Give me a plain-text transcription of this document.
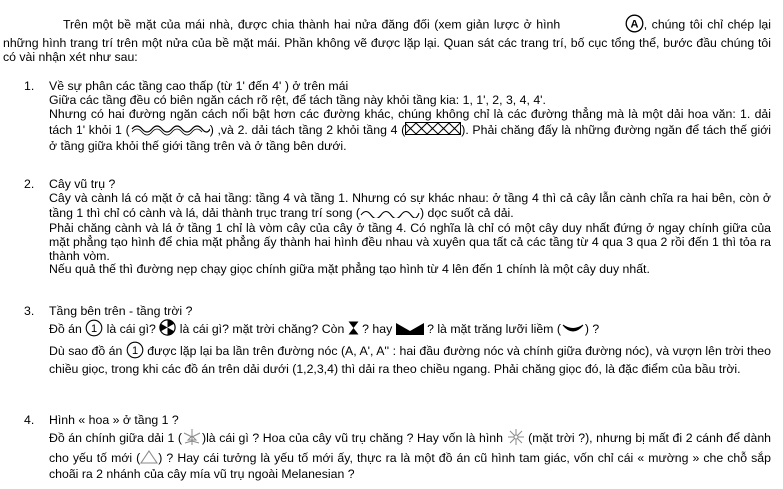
Trên một bề mặt của mái nhà, được chia thành hai nửa đăng đối (xem giản lược ở hình	A , chúng tôi chỉ chép lại những hình trang trí trên một nửa của bề mặt mái. Phần không vẽ được lặp lại. Quan sát các trang trí, bố cục tổng thể, bước đầu chúng tôi có vài nhận xét như sau:

1. Về sự phân các tầng cao thấp (từ 1' đến 4' ) ở trên mái

Giữa các tầng đều có biên ngăn cách rõ rệt, để tách tầng này khỏi tầng kia: 1, 1', 2, 3, 4, 4'.

Nhưng có hai đường ngăn cách nổi bật hơn các đường khác, chúng không chỉ là các đường thẳng mà là một dải hoa văn: 1. dải tách 1' khỏi 1 (	) ,và 2. dải tách tầng 2 khỏi tầng 4 (	). Phải chăng đấy là những đường ngăn để tách thế giới ở tầng giữa khỏi thế giới tầng trên và ở tầng bên dưới.

2. Cây vũ trụ ?

Cây và cành lá có mặt ở cả hai tầng: tầng 4 và tầng 1. Nhưng có sự khác nhau: ở tầng 4 thì cả cây lẫn cành chĩa ra hai bên, còn ở tầng 1 thì chỉ có cành và lá, dải thành trục trang trí song (	) dọc suốt cả dải.

Phải chăng cành và lá ở tầng 1 chỉ là vòm cây của cây ở tầng 4. Có nghĩa là chỉ có một cây duy nhất đứng ở ngay chính giữa của mặt phẳng tạo hình để chia mặt phẳng ấy thành hai hình đều nhau và xuyên qua tất cả các tầng từ 4 qua 3 qua 2 rồi đến 1 thì tỏa ra thành vòm.

Nếu quả thế thì đường nẹp chạy giọc chính giữa mặt phẳng tạo hình từ 4 lên đến 1 chính là một cây duy nhất.

3. Tầng bên trên - tầng trời ?

Đồ án 1 là cái gì?  là cái gì? mặt trời chăng? Còn  ? hay  ? là mặt trăng lưỡi liềm ( ) ?

Dù sao đồ án 1 được lặp lại ba lần trên đường nóc (A, A', A'' : hai đầu đường nóc và chính giữa đường nóc), và vượn lên trời theo chiều giọc, trong khi các đồ án trên dải dưới (1,2,3,4) thì dải ra theo chiều ngang. Phải chăng giọc đó, là đặc điểm của bầu trời.

4. Hình « hoa » ở tầng 1 ?

Đồ án chính giữa dải 1 ( )là cái gì ? Hoa của cây vũ trụ chăng ? Hay vốn là hình  (mặt trời ?), nhưng bị mất đi 2 cánh để dành cho yếu tố mới ( ) ? Hay cái tưởng là yếu tố mới ấy, thực ra là một đồ án cũ hình tam giác, vốn chỉ cái « mường » che chỗ sắp choãi ra 2 nhánh của cây mía vũ trụ ngoài Melanesian ?
